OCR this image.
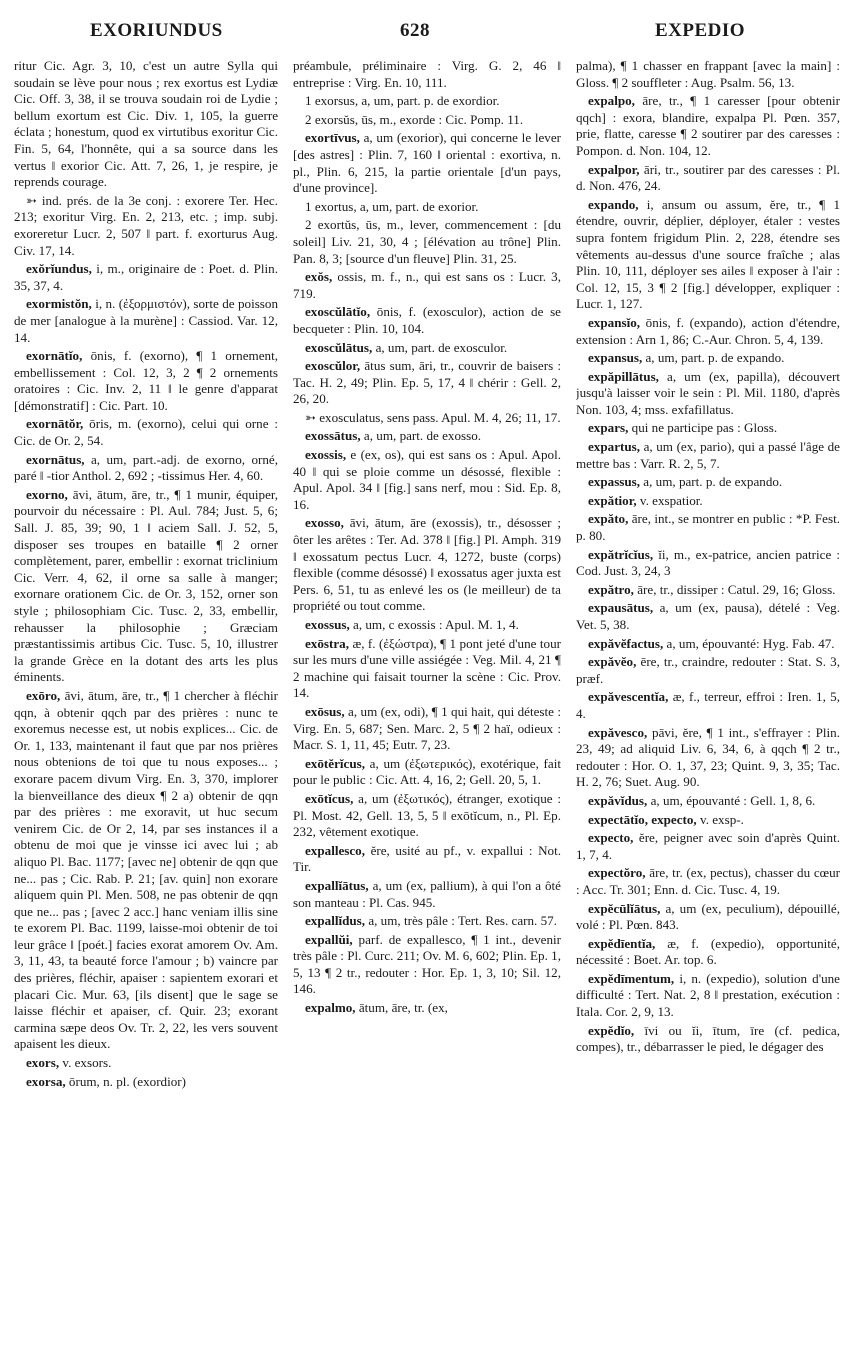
EXORIUNDUS	628	EXPEDIO

ritur Cic. Agr. 3, 10, c'est un autre Sylla qui soudain se lève pour nous ; rex exortus est Lydiæ Cic. Off. 3, 38, il se trouva soudain roi de Lydie ; bellum exortum est Cic. Div. 1, 105, la guerre éclata ; honestum, quod ex virtutibus exoritur Cic. Fin. 5, 64, l'honnête, qui a sa source dans les vertus ‖ exorior Cic. Att. 7, 26, 1, je respire, je reprends courage.

➳ ind. prés. de la 3e conj. : exorere Ter. Hec. 213; exoritur Virg. En. 2, 213, etc. ; imp. subj. exoreretur Lucr. 2, 507 ‖ part. f. exorturus Aug. Civ. 17, 14.

exŏrĭundus, i, m., originaire de : Poet. d. Plin. 35, 37, 4.

exormistŏn, i, n. (ἐξορμιστόν), sorte de poisson de mer [analogue à la murène] : Cassiod. Var. 12, 14.

exornātĭo, ōnis, f. (exorno), ¶ 1 ornement, embellissement : Col. 12, 3, 2 ¶ 2 ornements oratoires : Cic. Inv. 2, 11 ‖ le genre d'apparat [démonstratif] : Cic. Part. 10.

exornātŏr, ōris, m. (exorno), celui qui orne : Cic. de Or. 2, 54.

exornātus, a, um, part.-adj. de exorno, orné, paré ‖ -tior Anthol. 2, 692 ; -tissimus Her. 4, 60.

exorno, āvi, ātum, āre, tr., ¶ 1 munir, équiper, pourvoir du nécessaire : Pl. Aul. 784; Just. 5, 6; Sall. J. 85, 39; 90, 1 ‖ aciem Sall. J. 52, 5, disposer ses troupes en bataille ¶ 2 orner complètement, parer, embellir : exornat triclinium Cic. Verr. 4, 62, il orne sa salle à manger; exornare orationem Cic. de Or. 3, 152, orner son style ; philosophiam Cic. Tusc. 2, 33, embellir, rehausser la philosophie ; Græciam præstantissimis artibus Cic. Tusc. 5, 10, illustrer la grande Grèce en la dotant des arts les plus éminents.

exōro, āvi, ātum, āre, tr., ¶ 1 chercher à fléchir qqn, à obtenir qqch par des prières : nunc te exoremus necesse est, ut nobis explices... Cic. de Or. 1, 133, maintenant il faut que par nos prières nous obtenions de toi que tu nous exposes... ; exorare pacem divum Virg. En. 3, 370, implorer la bienveillance des dieux ¶ 2 a) obtenir de qqn par des prières : me exoravit, ut huc secum venirem Cic. de Or 2, 14, par ses instances il a obtenu de moi que je vinsse ici avec lui ; ab aliquo Pl. Bac. 1177; [avec ne] obtenir de qqn que ne... pas ; Cic. Rab. P. 21; [av. quin] non exorare aliquem quin Pl. Men. 508, ne pas obtenir de qqn que ne... pas ; [avec 2 acc.] hanc veniam illis sine te exorem Pl. Bac. 1199, laisse-moi obtenir de toi leur grâce ‖ [poét.] facies exorat amorem Ov. Am. 3, 11, 43, ta beauté force l'amour ; b) vaincre par des prières, fléchir, apaiser : sapientem exorari et placari Cic. Mur. 63, [ils disent] que le sage se laisse fléchir et apaiser, cf. Quir. 23; exorant carmina sæpe deos Ov. Tr. 2, 22, les vers souvent apaisent les dieux.

exors, v. exsors.

exorsa, ōrum, n. pl. (exordior)

préambule, préliminaire : Virg. G. 2, 46 ‖ entreprise : Virg. En. 10, 111.

1 exorsus, a, um, part. p. de exordior.

2 exorsŭs, ūs, m., exorde : Cic. Pomp. 11.

exortīvus, a, um (exorior), qui concerne le lever [des astres] : Plin. 7, 160 ‖ oriental : exortiva, n. pl., Plin. 6, 215, la partie orientale [d'un pays, d'une province].

1 exortus, a, um, part. de exorior.

2 exortŭs, ūs, m., lever, commencement : [du soleil] Liv. 21, 30, 4 ; [élévation au trône] Plin. Pan. 8, 3; [source d'un fleuve] Plin. 31, 25.

exŏs, ossis, m. f., n., qui est sans os : Lucr. 3, 719.

exoscŭlātĭo, ōnis, f. (exosculor), action de se becqueter : Plin. 10, 104.

exoscŭlātus, a, um, part. de exosculor.

exoscŭlor, ātus sum, āri, tr., couvrir de baisers : Tac. H. 2, 49; Plin. Ep. 5, 17, 4 ‖ chérir : Gell. 2, 26, 20.

➳ exosculatus, sens pass. Apul. M. 4, 26; 11, 17.

exossātus, a, um, part. de exosso.

exossis, e (ex, os), qui est sans os : Apul. Apol. 40 ‖ qui se ploie comme un désossé, flexible : Apul. Apol. 34 ‖ [fig.] sans nerf, mou : Sid. Ep. 8, 16.

exosso, āvi, ātum, āre (exossis), tr., désosser ; ôter les arêtes : Ter. Ad. 378 ‖ [fig.] Pl. Amph. 319 ‖ exossatum pectus Lucr. 4, 1272, buste (corps) flexible (comme désossé) ‖ exossatus ager juxta est Pers. 6, 51, tu as enlevé les os (le meilleur) de ta propriété ou tout comme.

exossus, a, um, c exossis : Apul. M. 1, 4.

exōstra, æ, f. (ἐξώστρα), ¶ 1 pont jeté d'une tour sur les murs d'une ville assiégée : Veg. Mil. 4, 21 ¶ 2 machine qui faisait tourner la scène : Cic. Prov. 14.

exōsus, a, um (ex, odi), ¶ 1 qui hait, qui déteste : Virg. En. 5, 687; Sen. Marc. 2, 5 ¶ 2 haï, odieux : Macr. S. 1, 11, 45; Eutr. 7, 23.

exōtĕrĭcus, a, um (ἐξωτερικός), exotérique, fait pour le public : Cic. Att. 4, 16, 2; Gell. 20, 5, 1.

exōtĭcus, a, um (ἐξωτικός), étranger, exotique : Pl. Most. 42, Gell. 13, 5, 5 ‖ exōtĭcum, n., Pl. Ep. 232, vêtement exotique.

expallesco, ĕre, usité au pf., v. expallui : Not. Tir.

expallĭātus, a, um (ex, pallium), à qui l'on a ôté son manteau : Pl. Cas. 945.

expallĭdus, a, um, très pâle : Tert. Res. carn. 57.

expallŭi, parf. de expallesco, ¶ 1 int., devenir très pâle : Pl. Curc. 211; Ov. M. 6, 602; Plin. Ep. 1, 5, 13 ¶ 2 tr., redouter : Hor. Ep. 1, 3, 10; Sil. 12, 146.

expalmo, ātum, āre, tr. (ex,

palma), ¶ 1 chasser en frappant [avec la main] : Gloss. ¶ 2 souffleter : Aug. Psalm. 56, 13.

expalpo, āre, tr., ¶ 1 caresser [pour obtenir qqch] : exora, blandire, expalpa Pl. Pœn. 357, prie, flatte, caresse ¶ 2 soutirer par des caresses : Pompon. d. Non. 104, 12.

expalpor, āri, tr., soutirer par des caresses : Pl. d. Non. 476, 24.

expando, i, ansum ou assum, ĕre, tr., ¶ 1 étendre, ouvrir, déplier, déployer, étaler : vestes supra fontem frigidum Plin. 2, 228, étendre ses vêtements au-dessus d'une source fraîche ; alas Plin. 10, 111, déployer ses ailes ‖ exposer à l'air : Col. 12, 15, 3 ¶ 2 [fig.] développer, expliquer : Lucr. 1, 127.

expansĭo, ōnis, f. (expando), action d'étendre, extension : Arn 1, 86; C.-Aur. Chron. 5, 4, 139.

expansus, a, um, part. p. de expando.

expăpillātus, a, um (ex, papilla), découvert jusqu'à laisser voir le sein : Pl. Mil. 1180, d'après Non. 103, 4; mss. exfafillatus.

expars, qui ne participe pas : Gloss.

expartus, a, um (ex, pario), qui a passé l'âge de mettre bas : Varr. R. 2, 5, 7.

expassus, a, um, part. p. de expando.

expătior, v. exspatior.

expăto, āre, int., se montrer en public : *P. Fest. p. 80.

expătrĭcĭus, ĭi, m., ex-patrice, ancien patrice : Cod. Just. 3, 24, 3

expătro, āre, tr., dissiper : Catul. 29, 16; Gloss.

expausātus, a, um (ex, pausa), dételé : Veg. Vet. 5, 38.

expăvĕfactus, a, um, épouvanté: Hyg. Fab. 47.

expăvĕo, ēre, tr., craindre, redouter : Stat. S. 3, præf.

expăvescentĭa, æ, f., terreur, effroi : Iren. 1, 5, 4.

expăvesco, pāvi, ĕre, ¶ 1 int., s'effrayer : Plin. 23, 49; ad aliquid Liv. 6, 34, 6, à qqch ¶ 2 tr., redouter : Hor. O. 1, 37, 23; Quint. 9, 3, 35; Tac. H. 2, 76; Suet. Aug. 90.

expăvĭdus, a, um, épouvanté : Gell. 1, 8, 6.

expectātĭo, expecto, v. exsp-.

expecto, ĕre, peigner avec soin d'après Quint. 1, 7, 4.

expectŏro, āre, tr. (ex, pectus), chasser du cœur : Acc. Tr. 301; Enn. d. Cic. Tusc. 4, 19.

expĕcūlĭātus, a, um (ex, peculium), dépouillé, volé : Pl. Pœn. 843.

expĕdīentĭa, æ, f. (expedio), opportunité, nécessité : Boet. Ar. top. 6.

expĕdīmentum, i, n. (expedio), solution d'une difficulté : Tert. Nat. 2, 8 ‖ prestation, exécution : Itala. Cor. 2, 9, 13.

expĕdĭo, īvi ou ĭi, ītum, īre (cf. pedica, compes), tr., débarrasser le pied, le dégager des
